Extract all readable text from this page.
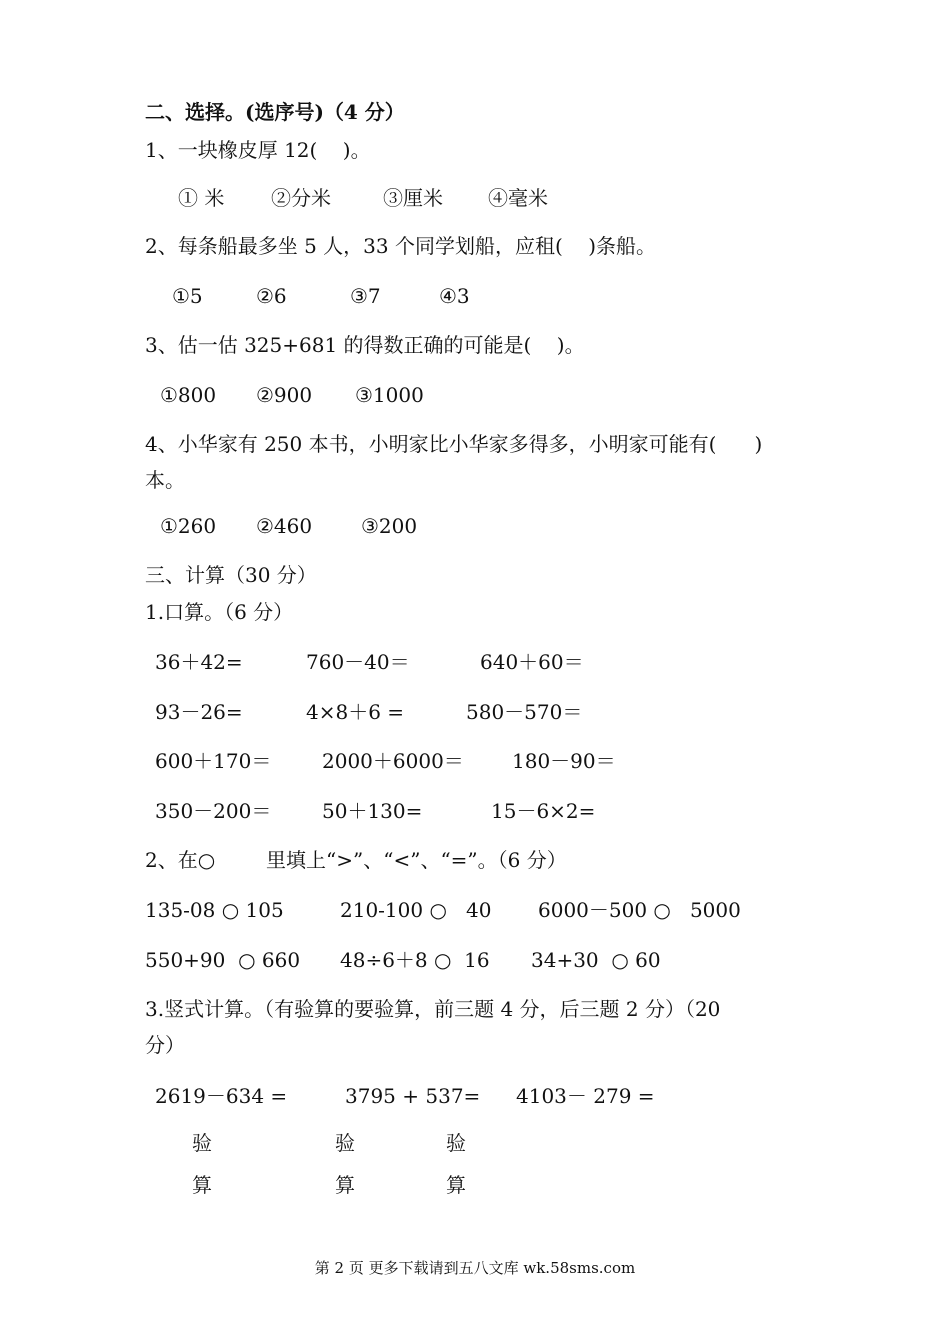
二、选择。(选序号)（4 分）
1、一块橡皮厚 12(    )。
① 米 ②分米	③厘米 ④毫米
2、每条船最多坐 5 人，33 个同学划船，应租(    )条船。
①5	②6	③7	④3
3、估一估 325+681 的得数正确的可能是(    )。
①800 ②900 ③1000
4、小华家有 250 本书，小明家比小华家多得多，小明家可能有(      )
本。
①260 ②460 ③200
三、计算（30 分）
1.口算。（6 分）
36＋42=	760－40＝	640＋60＝
93－26=	4×8＋6 =	580－570＝
600＋170＝	2000＋6000＝ 180－90＝
350－200＝	50＋130=	15－6×2=
2、在○        里填上“>”、“<”、“=”。（6 分）
135-08 ○ 105	210-100 ○   40 6000－500 ○   5000
550+90  ○ 660 48÷6＋8 ○  16 34+30  ○ 60
3.竖式计算。（有验算的要验算，前三题 4 分，后三题 2 分）（20
分）
2619－634 =	3795 + 537= 4103－ 279 =
验
算
验
算
验
算
第 2 页 更多下载请到五八文库 wk.58sms.com
